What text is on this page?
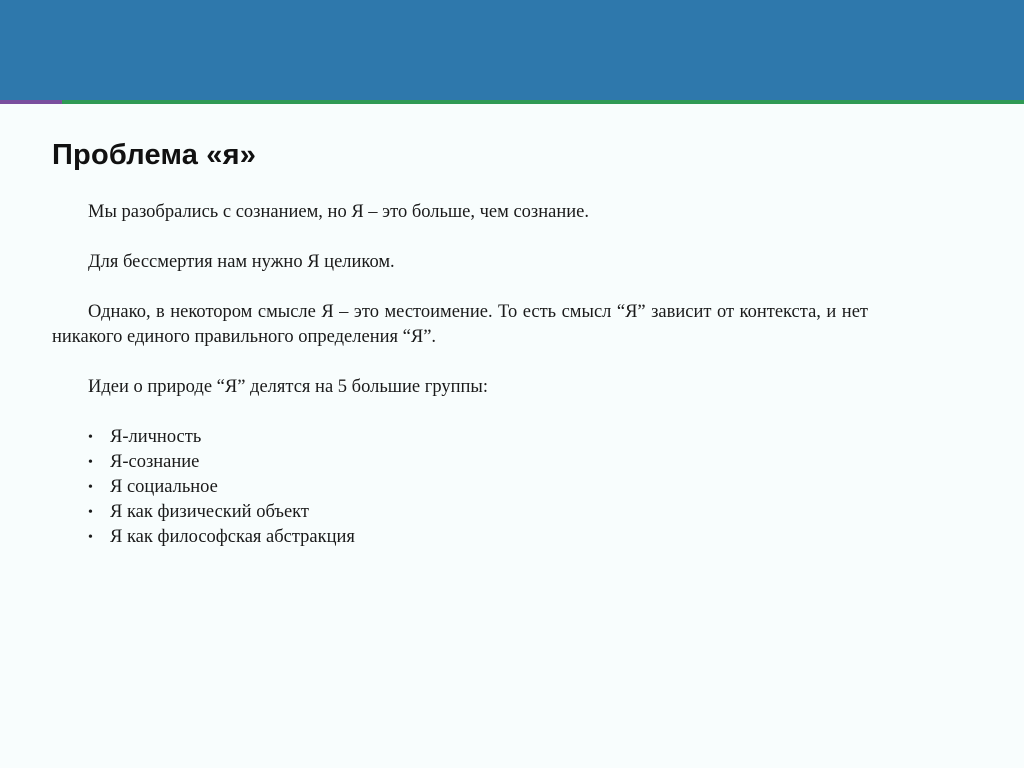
Проблема «я»

Мы разобрались с сознанием, но Я – это больше, чем сознание.

Для бессмертия нам нужно Я целиком.

Однако, в некотором смысле Я – это местоимение. То есть смысл “Я” зависит от контекста, и нет никакого единого правильного определения “Я”.

Идеи о природе “Я” делятся на 5 большие группы:

• Я-личность
• Я-сознание
• Я социальное
• Я как физический объект
• Я как философская абстракция
